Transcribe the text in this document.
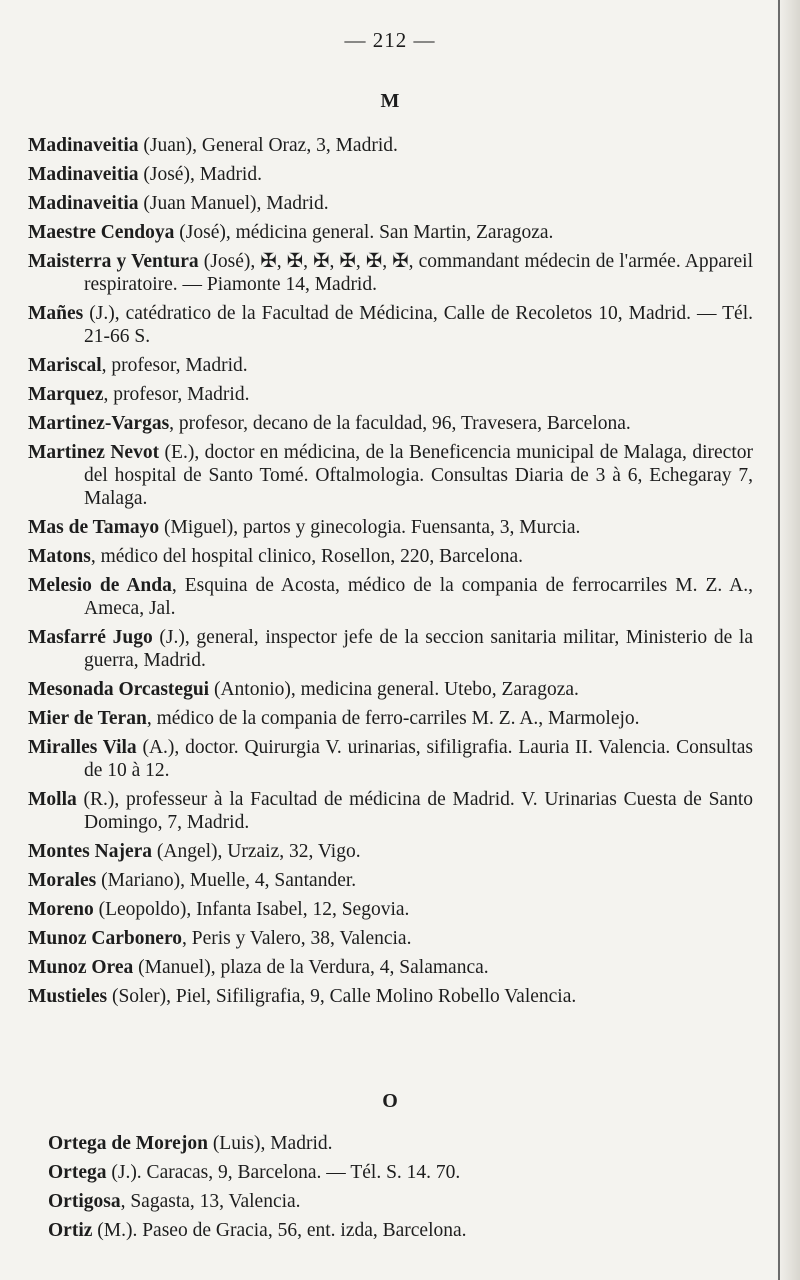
— 212 —
M
Madinaveitia (Juan), General Oraz, 3, Madrid.
Madinaveitia (José), Madrid.
Madinaveitia (Juan Manuel), Madrid.
Maestre Cendoya (José), médicina general. San Martin, Zaragoza.
Maisterra y Ventura (José), ✠, ✠, ✠, ✠, ✠, ✠, commandant médecin de l'armée. Appareil respiratoire. — Piamonte 14, Madrid.
Mañes (J.), catédratico de la Facultad de Médicina, Calle de Recoletos 10, Madrid. — Tél. 21-66 S.
Mariscal, profesor, Madrid.
Marquez, profesor, Madrid.
Martinez-Vargas, profesor, decano de la faculdad, 96, Travesera, Barcelona.
Martinez Nevot (E.), doctor en médicina, de la Beneficencia municipal de Malaga, director del hospital de Santo Tomé. Oftalmologia. Consultas Diaria de 3 à 6, Echegaray 7, Malaga.
Mas de Tamayo (Miguel), partos y ginecologia. Fuensanta, 3, Murcia.
Matons, médico del hospital clinico, Rosellon, 220, Barcelona.
Melesio de Anda, Esquina de Acosta, médico de la compania de ferrocarriles M. Z. A., Ameca, Jal.
Masfarré Jugo (J.), general, inspector jefe de la seccion sanitaria militar, Ministerio de la guerra, Madrid.
Mesonada Orcastegui (Antonio), medicina general. Utebo, Zaragoza.
Mier de Teran, médico de la compania de ferro-carriles M. Z. A., Marmolejo.
Miralles Vila (A.), doctor. Quirurgia V. urinarias, sifiligrafia. Lauria II. Valencia. Consultas de 10 à 12.
Molla (R.), professeur à la Facultad de médicina de Madrid. V. Urinarias Cuesta de Santo Domingo, 7, Madrid.
Montes Najera (Angel), Urzaiz, 32, Vigo.
Morales (Mariano), Muelle, 4, Santander.
Moreno (Leopoldo), Infanta Isabel, 12, Segovia.
Munoz Carbonero, Peris y Valero, 38, Valencia.
Munoz Orea (Manuel), plaza de la Verdura, 4, Salamanca.
Mustieles (Soler), Piel, Sifiligrafia, 9, Calle Molino Robello Valencia.
O
Ortega de Morejon (Luis), Madrid.
Ortega (J.). Caracas, 9, Barcelona. — Tél. S. 14. 70.
Ortigosa, Sagasta, 13, Valencia.
Ortiz (M.). Paseo de Gracia, 56, ent. izda, Barcelona.
